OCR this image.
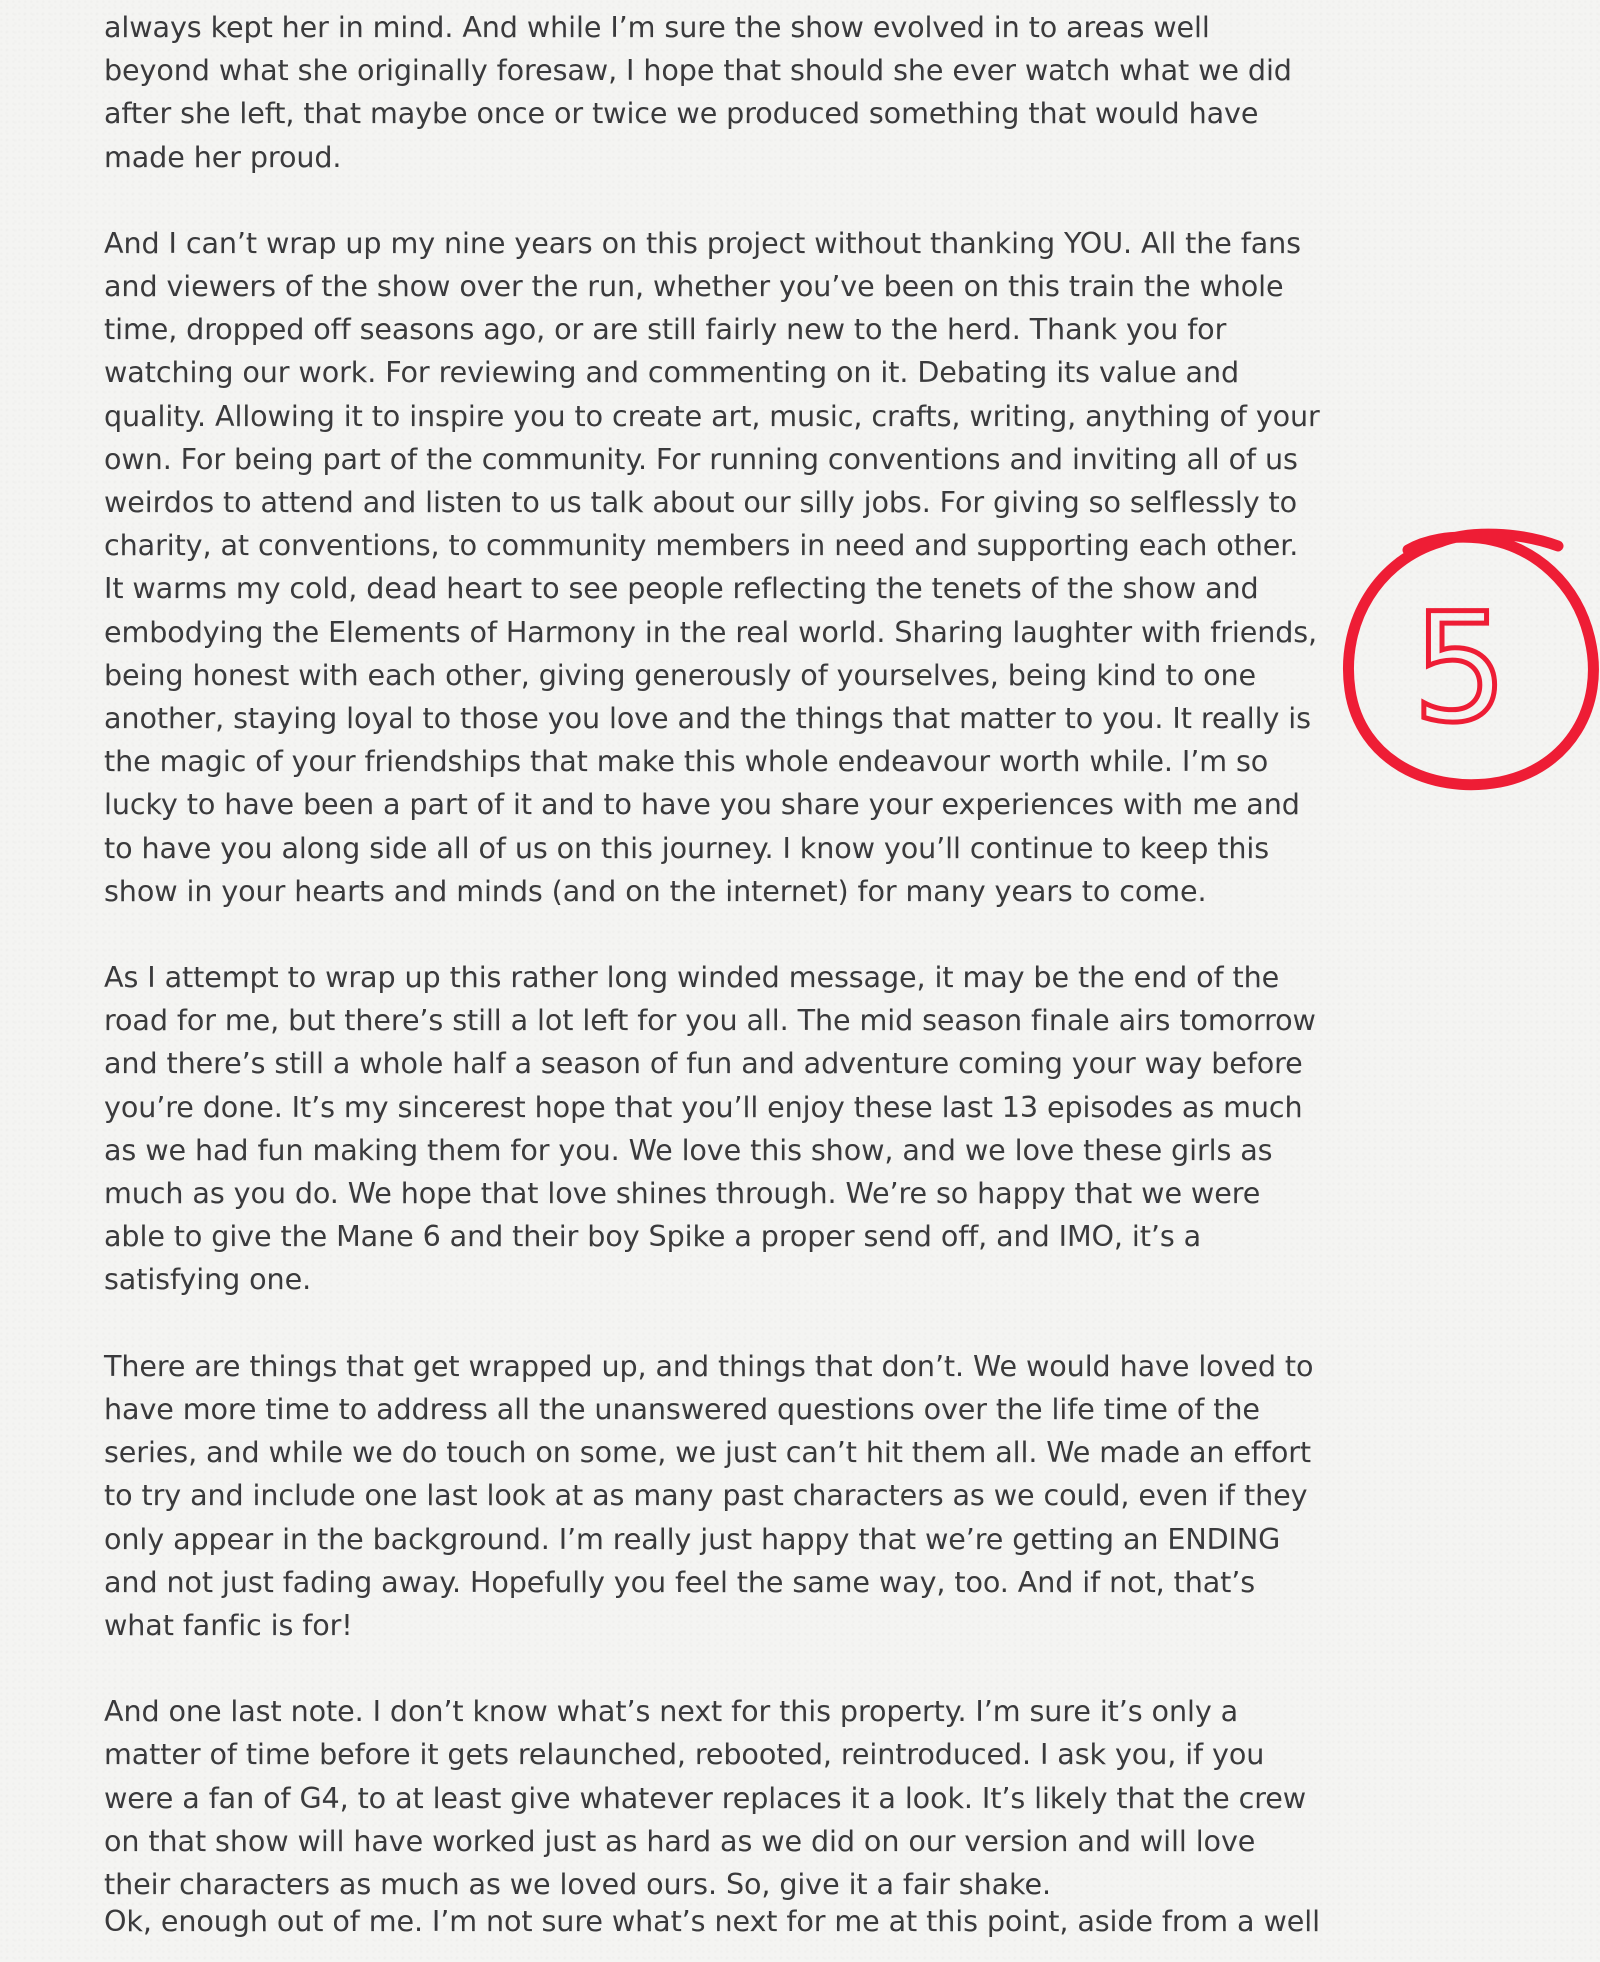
always kept her in mind. And while I’m sure the show evolved in to areas well beyond what she originally foresaw, I hope that should she ever watch what we did after she left, that maybe once or twice we produced something that would have made her proud.

And I can’t wrap up my nine years on this project without thanking YOU. All the fans and viewers of the show over the run, whether you’ve been on this train the whole time, dropped off seasons ago, or are still fairly new to the herd. Thank you for watching our work. For reviewing and commenting on it. Debating its value and quality. Allowing it to inspire you to create art, music, crafts, writing, anything of your own. For being part of the community. For running conventions and inviting all of us weirdos to attend and listen to us talk about our silly jobs. For giving so selflessly to charity, at conventions, to community members in need and supporting each other. It warms my cold, dead heart to see people reflecting the tenets of the show and embodying the Elements of Harmony in the real world. Sharing laughter with friends, being honest with each other, giving generously of yourselves, being kind to one another, staying loyal to those you love and the things that matter to you. It really is the magic of your friendships that make this whole endeavour worth while. I’m so lucky to have been a part of it and to have you share your experiences with me and to have you along side all of us on this journey. I know you’ll continue to keep this show in your hearts and minds (and on the internet) for many years to come.

As I attempt to wrap up this rather long winded message, it may be the end of the road for me, but there’s still a lot left for you all. The mid season finale airs tomorrow and there’s still a whole half a season of fun and adventure coming your way before you’re done. It’s my sincerest hope that you’ll enjoy these last 13 episodes as much as we had fun making them for you. We love this show, and we love these girls as much as you do. We hope that love shines through. We’re so happy that we were able to give the Mane 6 and their boy Spike a proper send off, and IMO, it’s a satisfying one.

There are things that get wrapped up, and things that don’t. We would have loved to have more time to address all the unanswered questions over the life time of the series, and while we do touch on some, we just can’t hit them all. We made an effort to try and include one last look at as many past characters as we could, even if they only appear in the background. I’m really just happy that we’re getting an ENDING and not just fading away. Hopefully you feel the same way, too. And if not, that’s what fanfic is for!

And one last note. I don’t know what’s next for this property. I’m sure it’s only a matter of time before it gets relaunched, rebooted, reintroduced. I ask you, if you were a fan of G4, to at least give whatever replaces it a look. It’s likely that the crew on that show will have worked just as hard as we did on our version and will love their characters as much as we loved ours. So, give it a fair shake.

Ok, enough out of me. I’m not sure what’s next for me at this point, aside from a well

5
